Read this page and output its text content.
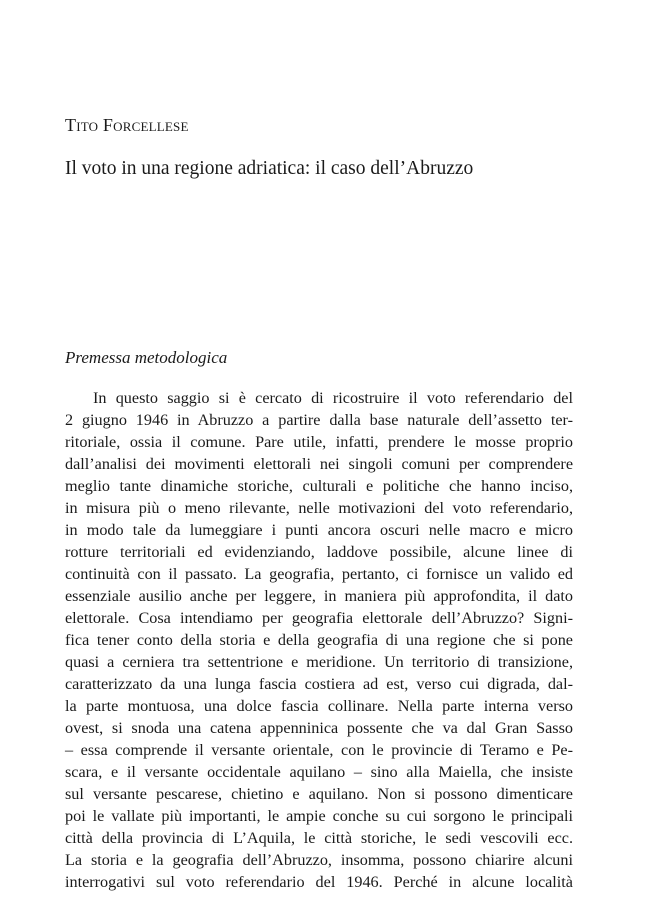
Tito Forcellese
Il voto in una regione adriatica: il caso dell’Abruzzo
Premessa metodologica
In questo saggio si è cercato di ricostruire il voto referendario del
2 giugno 1946 in Abruzzo a partire dalla base naturale dell’assetto ter-
ritoriale, ossia il comune. Pare utile, infatti, prendere le mosse proprio
dall’analisi dei movimenti elettorali nei singoli comuni per comprendere
meglio tante dinamiche storiche, culturali e politiche che hanno inciso,
in misura più o meno rilevante, nelle motivazioni del voto referendario,
in modo tale da lumeggiare i punti ancora oscuri nelle macro e micro
rotture territoriali ed evidenziando, laddove possibile, alcune linee di
continuità con il passato. La geografia, pertanto, ci fornisce un valido ed
essenziale ausilio anche per leggere, in maniera più approfondita, il dato
elettorale. Cosa intendiamo per geografia elettorale dell’Abruzzo? Signi-
fica tener conto della storia e della geografia di una regione che si pone
quasi a cerniera tra settentrione e meridione. Un territorio di transizione,
caratterizzato da una lunga fascia costiera ad est, verso cui digrada, dal-
la parte montuosa, una dolce fascia collinare. Nella parte interna verso
ovest, si snoda una catena appenninica possente che va dal Gran Sasso
– essa comprende il versante orientale, con le provincie di Teramo e Pe-
scara, e il versante occidentale aquilano – sino alla Maiella, che insiste
sul versante pescarese, chietino e aquilano. Non si possono dimenticare
poi le vallate più importanti, le ampie conche su cui sorgono le principali
città della provincia di L’Aquila, le città storiche, le sedi vescovili ecc.
La storia e la geografia dell’Abruzzo, insomma, possono chiarire alcuni
interrogativi sul voto referendario del 1946. Perché in alcune località
